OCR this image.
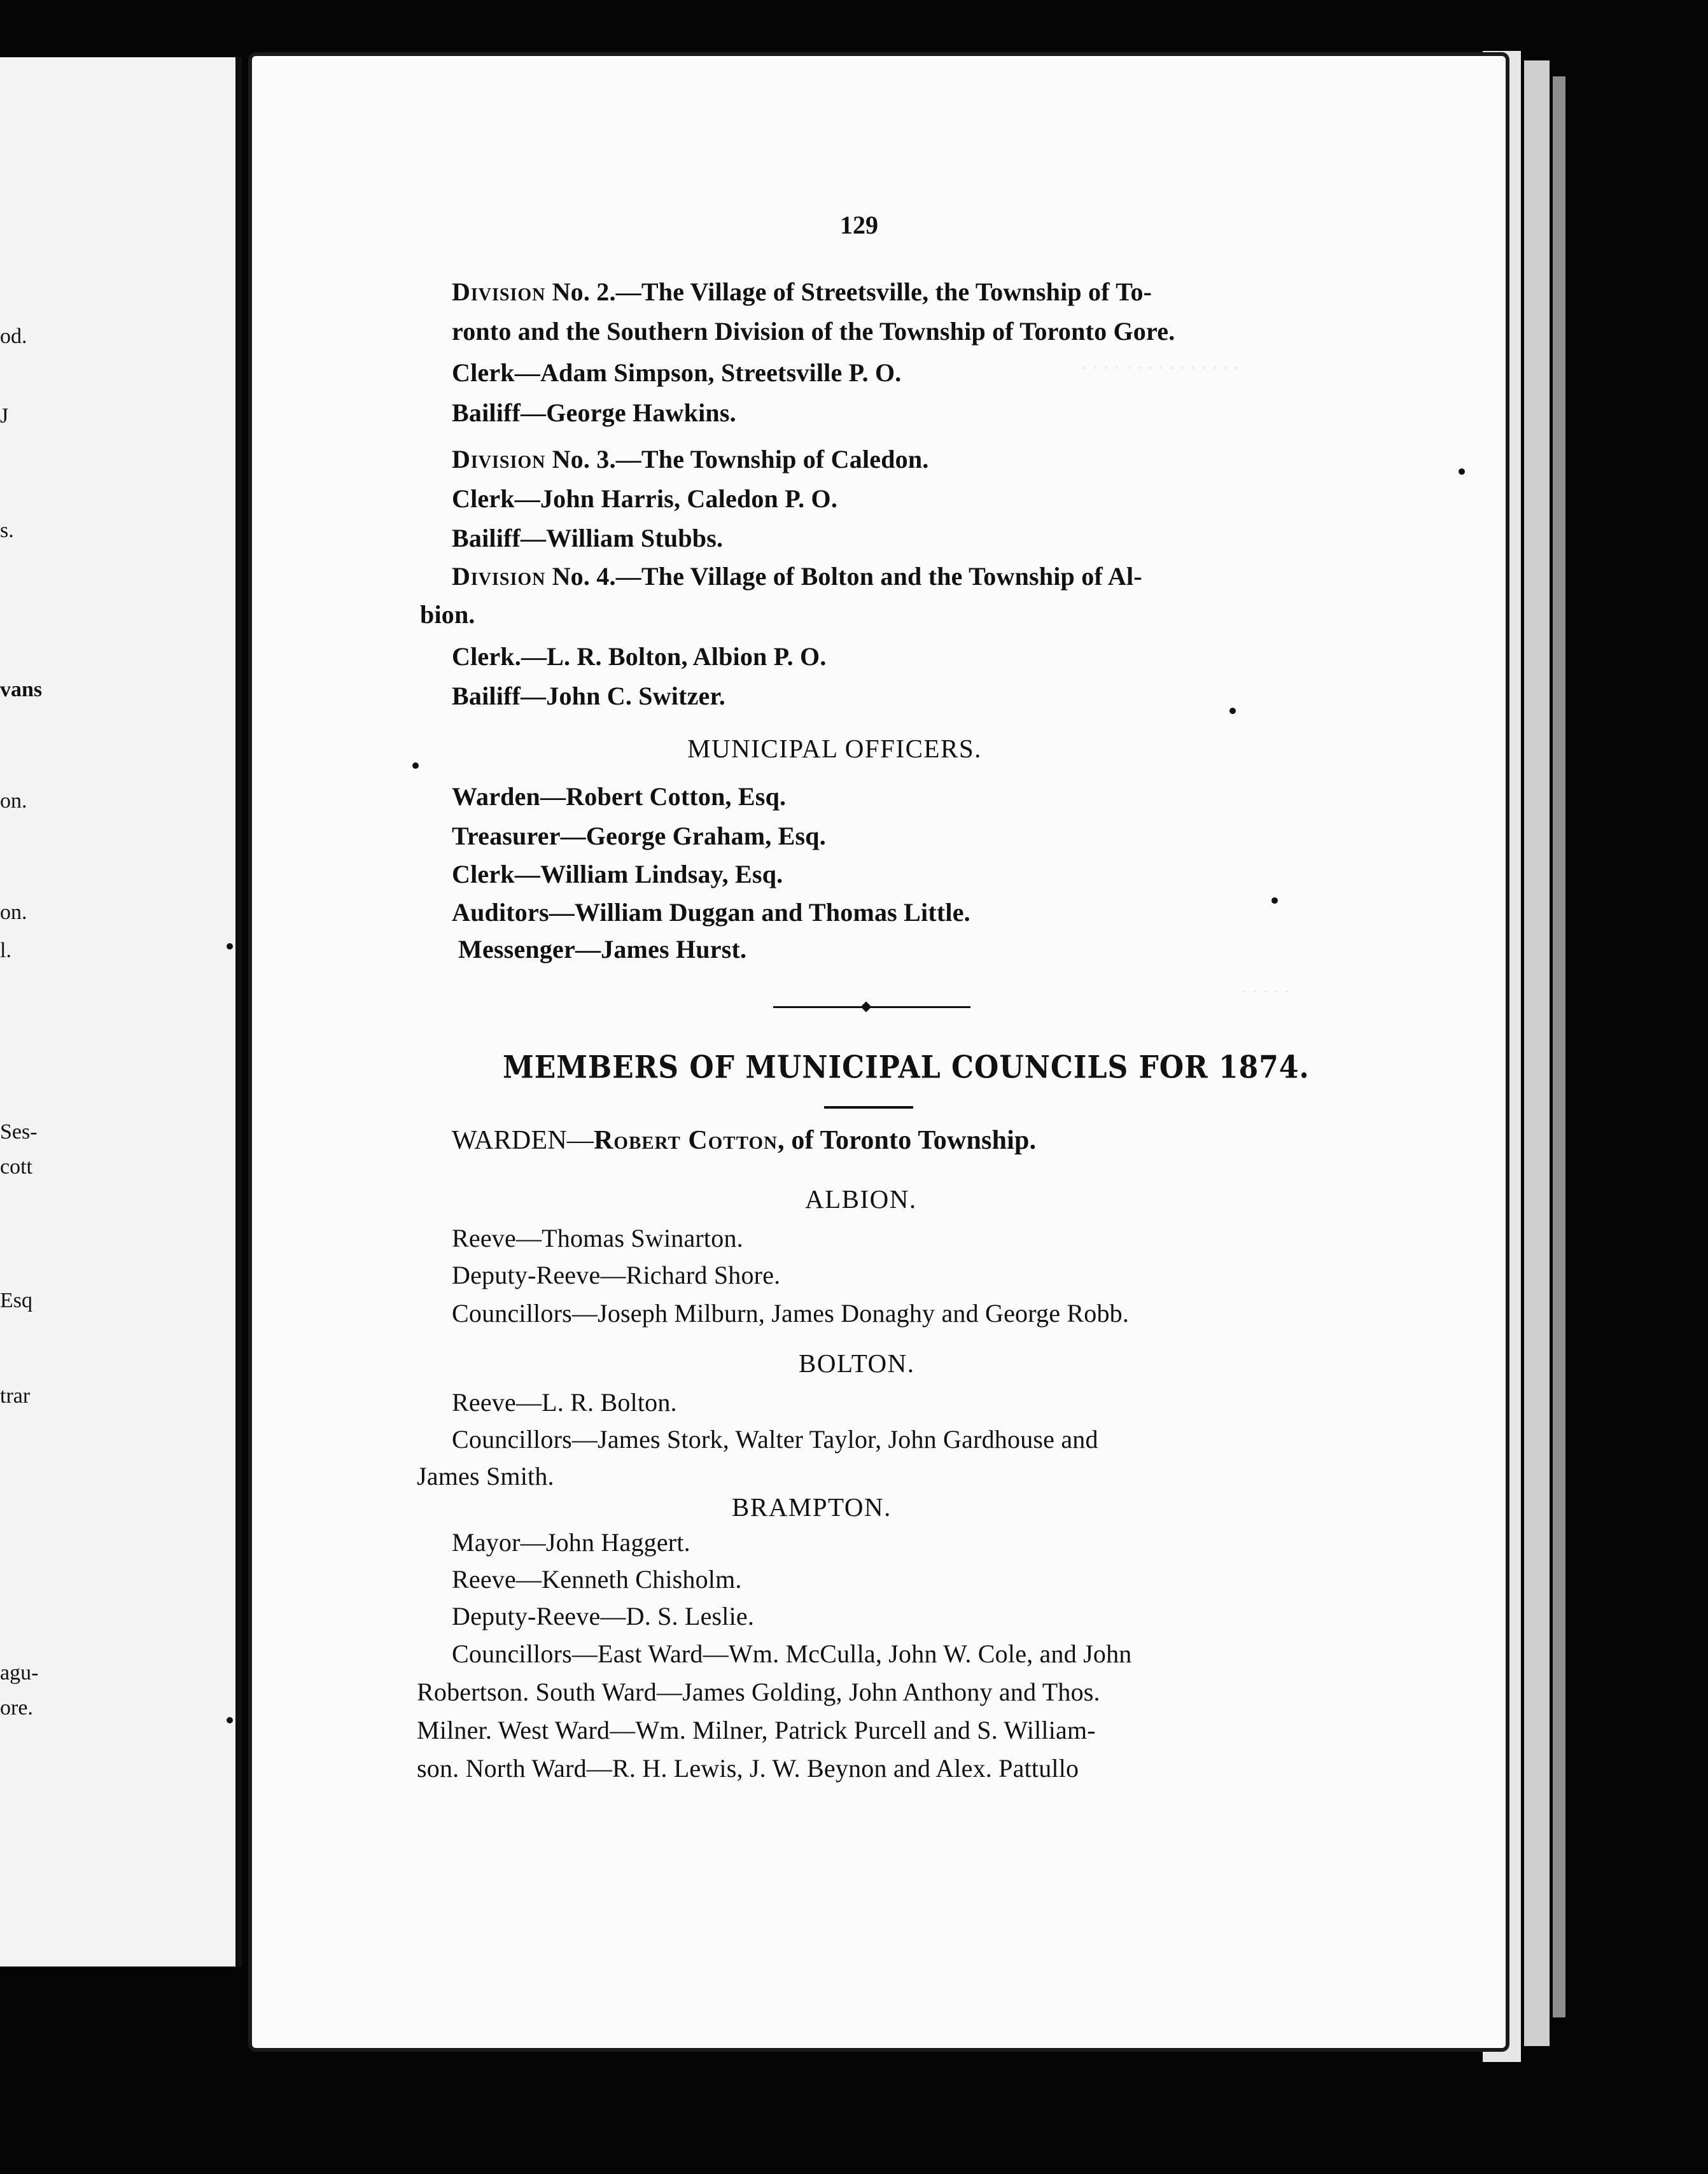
od.
J
s.
vans
on.
on.
l.
Ses-
cott
Esq
trar
agu-
ore.
· · · · · · · · · · · · · · ·
· · · · ·
129
Division No. 2.—The Village of Streetsville, the Township of To-
ronto and the Southern Division of the Township of Toronto Gore.
Clerk—Adam Simpson, Streetsville P. O.
Bailiff—George Hawkins.
Division No. 3.—The Township of Caledon.
Clerk—John Harris, Caledon P. O.
Bailiff—William Stubbs.
Division No. 4.—The Village of Bolton and the Township of Al-
bion.
Clerk.—L. R. Bolton, Albion P. O.
Bailiff—John C. Switzer.
MUNICIPAL OFFICERS.
Warden—Robert Cotton, Esq.
Treasurer—George Graham, Esq.
Clerk—William Lindsay, Esq.
Auditors—William Duggan and Thomas Little.
Messenger—James Hurst.
MEMBERS OF MUNICIPAL COUNCILS FOR 1874.
WARDEN—Robert Cotton, of Toronto Township.
ALBION.
Reeve—Thomas Swinarton.
Deputy-Reeve—Richard Shore.
Councillors—Joseph Milburn, James Donaghy and George Robb.
BOLTON.
Reeve—L. R. Bolton.
Councillors—James Stork, Walter Taylor, John Gardhouse and
James Smith.
BRAMPTON.
Mayor—John Haggert.
Reeve—Kenneth Chisholm.
Deputy-Reeve—D. S. Leslie.
Councillors—East Ward—Wm. McCulla, John W. Cole, and John
Robertson. South Ward—James Golding, John Anthony and Thos.
Milner. West Ward—Wm. Milner, Patrick Purcell and S. William-
son. North Ward—R. H. Lewis, J. W. Beynon and Alex. Pattullo
